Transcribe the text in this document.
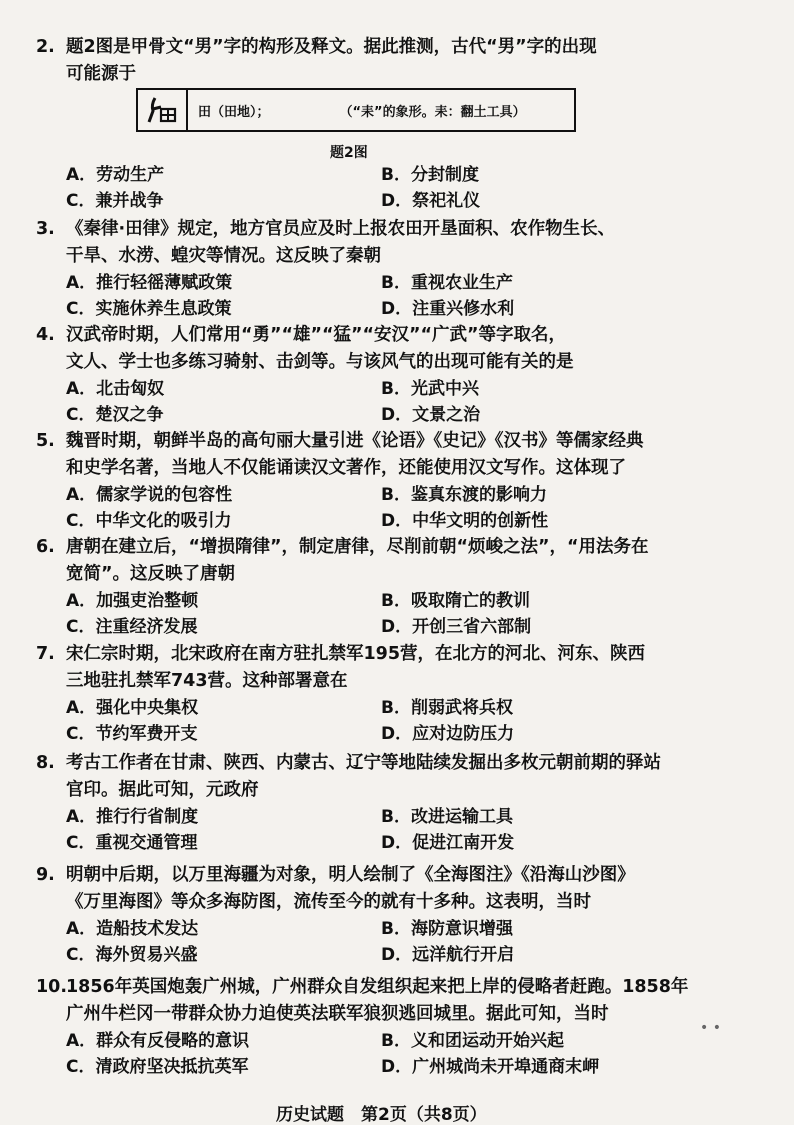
2. 题2图是甲骨文“男”字的构形及释文。据此推测，古代“男”字的出现
可能源于
田（田地）；	（“耒”的象形。耒：翻土工具）
题2图
A．劳动生产	B．分封制度
C．兼并战争	D．祭祀礼仪
3. 《秦律·田律》规定，地方官员应及时上报农田开垦面积、农作物生长、
干旱、水涝、蝗灾等情况。这反映了秦朝
A．推行轻徭薄赋政策	B．重视农业生产
C．实施休养生息政策	D．注重兴修水利
4. 汉武帝时期，人们常用“勇”“雄”“猛”“安汉”“广武”等字取名，
文人、学士也多练习骑射、击剑等。与该风气的出现可能有关的是
A．北击匈奴	B．光武中兴
C．楚汉之争	D．文景之治
5. 魏晋时期，朝鲜半岛的高句丽大量引进《论语》《史记》《汉书》等儒家经典
和史学名著，当地人不仅能诵读汉文著作，还能使用汉文写作。这体现了
A．儒家学说的包容性	B．鉴真东渡的影响力
C．中华文化的吸引力	D．中华文明的创新性
6. 唐朝在建立后，“增损隋律”，制定唐律，尽削前朝“烦峻之法”，“用法务在
宽简”。这反映了唐朝
A．加强吏治整顿	B．吸取隋亡的教训
C．注重经济发展	D．开创三省六部制
7. 宋仁宗时期，北宋政府在南方驻扎禁军195营，在北方的河北、河东、陕西
三地驻扎禁军743营。这种部署意在
A．强化中央集权	B．削弱武将兵权
C．节约军费开支	D．应对边防压力
8. 考古工作者在甘肃、陕西、内蒙古、辽宁等地陆续发掘出多枚元朝前期的驿站
官印。据此可知，元政府
A．推行行省制度	B．改进运输工具
C．重视交通管理	D．促进江南开发
9. 明朝中后期，以万里海疆为对象，明人绘制了《全海图注》《沿海山沙图》
《万里海图》等众多海防图，流传至今的就有十多种。这表明，当时
A．造船技术发达	B．海防意识增强
C．海外贸易兴盛	D．远洋航行开启
10.1856年英国炮轰广州城，广州群众自发组织起来把上岸的侵略者赶跑。1858年
广州牛栏冈一带群众协力迫使英法联军狼狈逃回城里。据此可知，当时
A．群众有反侵略的意识	B．义和团运动开始兴起
C．清政府坚决抵抗英军	D．广州城尚未开埠通商末岬
• •
历史试题　第2页（共8页）
